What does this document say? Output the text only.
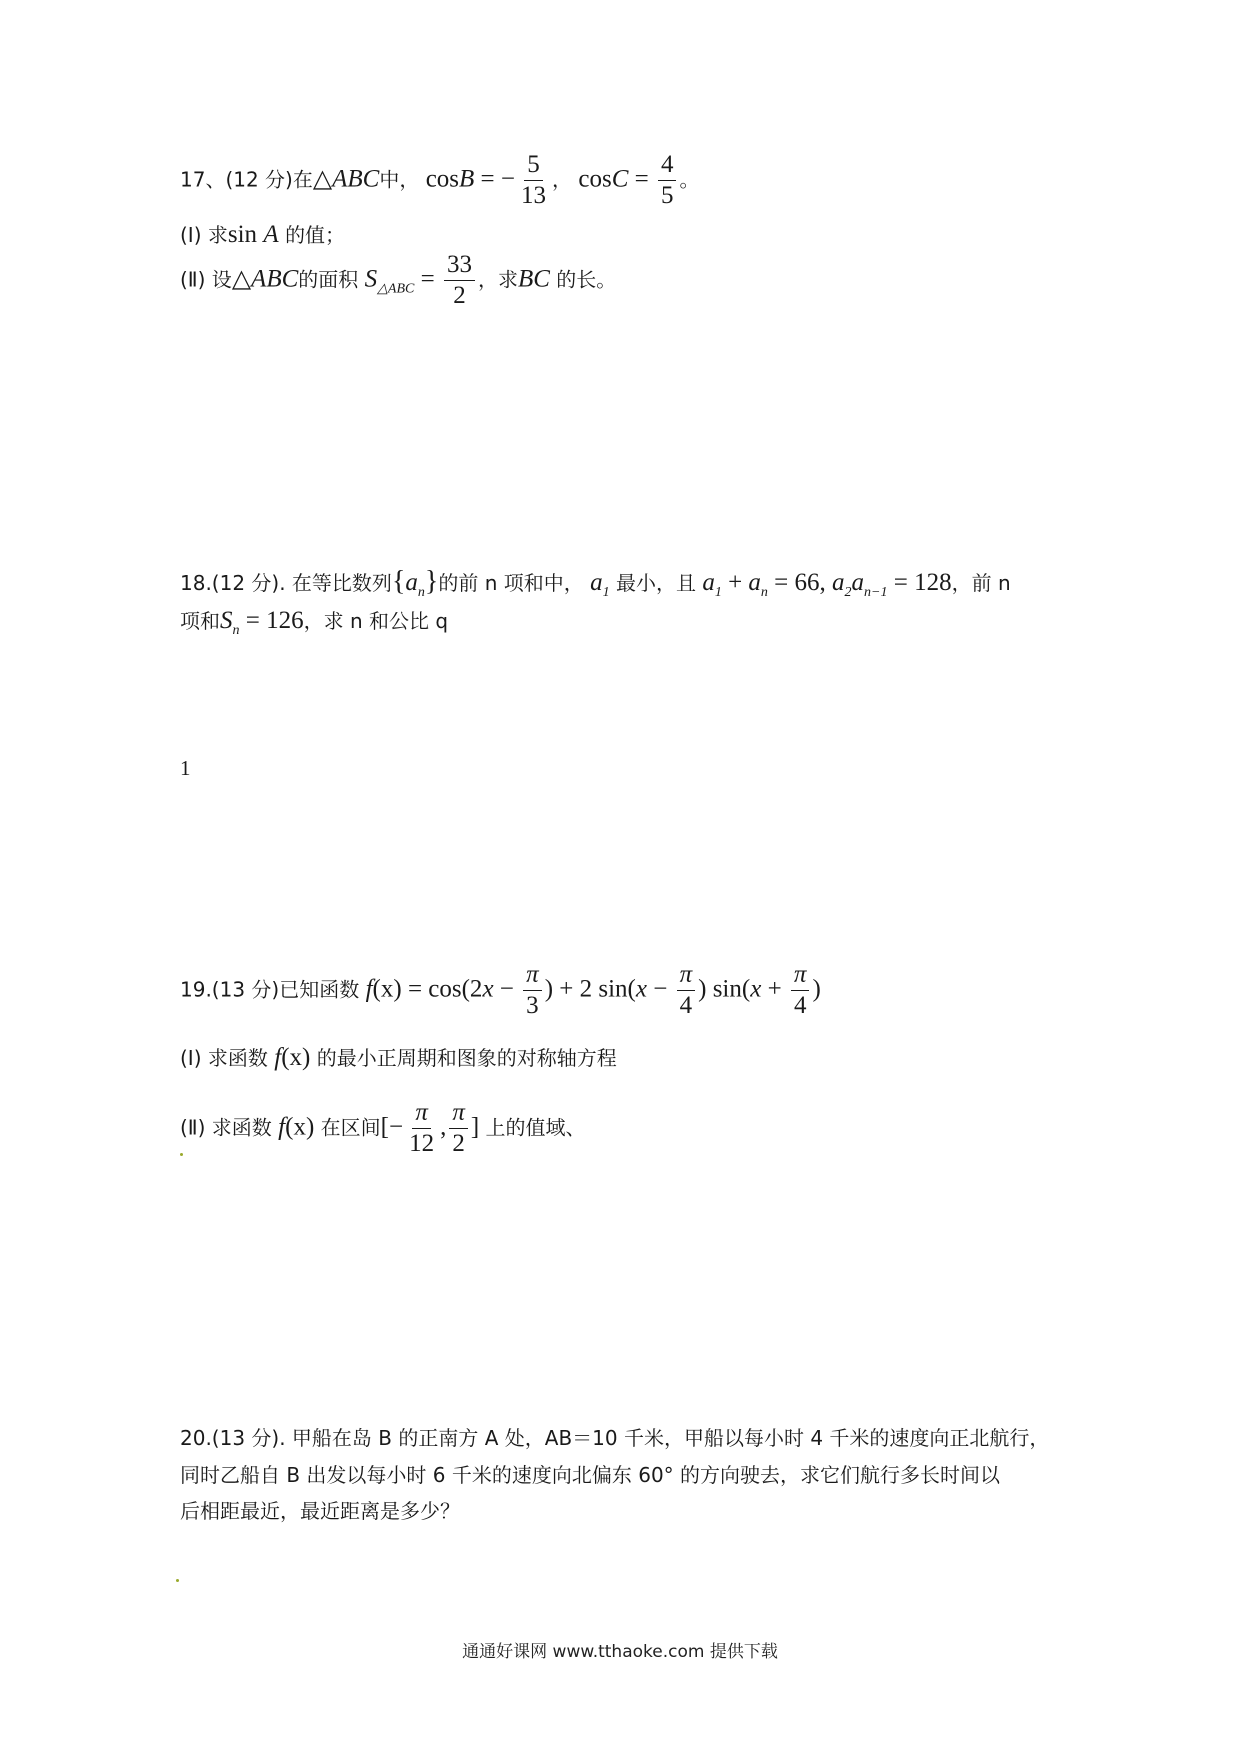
17、(12 分)在△ABC中， cosB = − $\frac{5}{13}$ ， $\cos C = \frac{4}{5}$ 。
(Ⅰ) 求sin A 的值；
(Ⅱ) 设△ABC的面积 $S_{\triangle ABC} = \frac{33}{2}$ ，求BC 的长。
18.(12 分). 在等比数列$\{a_n\}$的前 n 项和中， $a_1$ 最小，且 $a_1 + a_n = 66$, $a_2a_{n-1} = 128$，前 n
项和$S_n = 126$，求 n 和公比 q
1
19.(13 分)已知函数 $f(x) = \cos(2x - \frac{\pi}{3}$ ) + 2 $\sin(x - \frac{\pi}{4}$ ) $\sin(x + \frac{\pi}{4}$ )
(Ⅰ) 求函数 f(x) 的最小正周期和图象的对称轴方程
(Ⅱ) 求函数 f(x) 在区间[− $\frac{\pi}{12}$ , $\frac{\pi}{2}$ ] 上的值域、
20.(13 分). 甲船在岛 B 的正南方 A 处，AB＝10 千米，甲船以每小时 4 千米的速度向正北航行，
同时乙船自 B 出发以每小时 6 千米的速度向北偏东 60° 的方向驶去，求它们航行多长时间以
后相距最近，最近距离是多少？
通通好课网 www.tthaoke.com 提供下载
